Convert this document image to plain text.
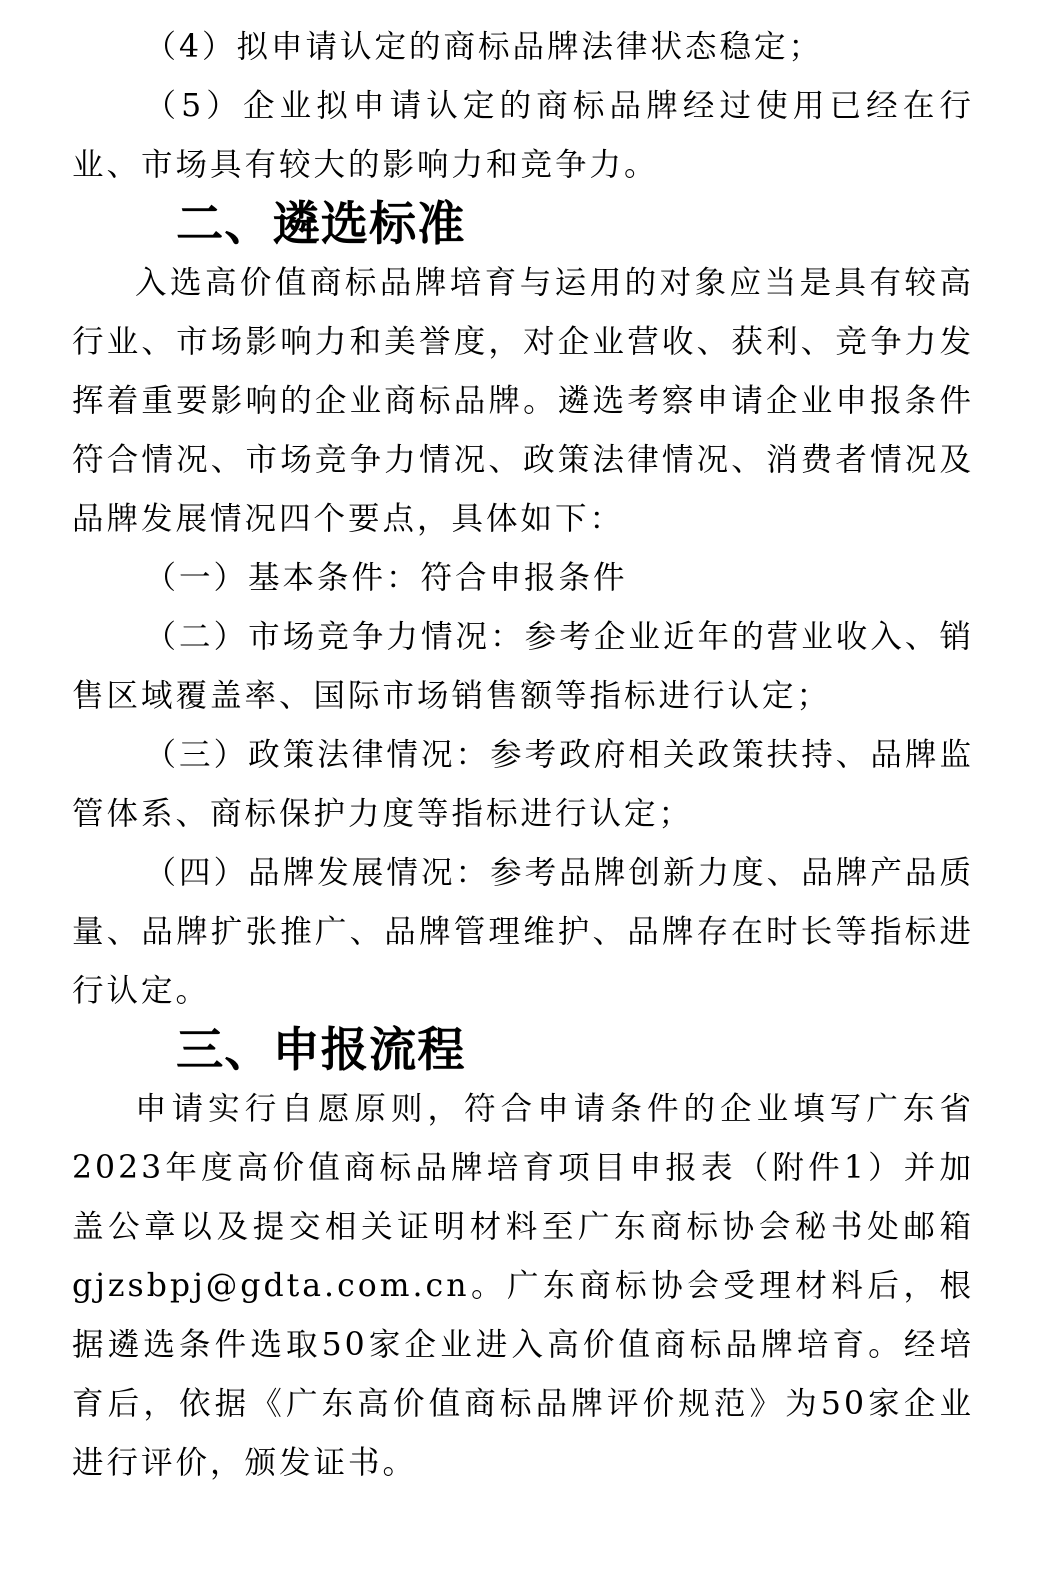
（4）拟申请认定的商标品牌法律状态稳定；

（5）企业拟申请认定的商标品牌经过使用已经在行业、市场具有较大的影响力和竞争力。

二、遴选标准

入选高价值商标品牌培育与运用的对象应当是具有较高行业、市场影响力和美誉度，对企业营收、获利、竞争力发挥着重要影响的企业商标品牌。遴选考察申请企业申报条件符合情况、市场竞争力情况、政策法律情况、消费者情况及品牌发展情况四个要点，具体如下：

（一）基本条件：符合申报条件

（二）市场竞争力情况：参考企业近年的营业收入、销售区域覆盖率、国际市场销售额等指标进行认定；

（三）政策法律情况：参考政府相关政策扶持、品牌监管体系、商标保护力度等指标进行认定；

（四）品牌发展情况：参考品牌创新力度、品牌产品质量、品牌扩张推广、品牌管理维护、品牌存在时长等指标进行认定。

三、申报流程

申请实行自愿原则，符合申请条件的企业填写广东省2023年度高价值商标品牌培育项目申报表（附件1）并加盖公章以及提交相关证明材料至广东商标协会秘书处邮箱gjzsbpj@gdta.com.cn。广东商标协会受理材料后，根据遴选条件选取50家企业进入高价值商标品牌培育。经培育后，依据《广东高价值商标品牌评价规范》为50家企业进行评价，颁发证书。
